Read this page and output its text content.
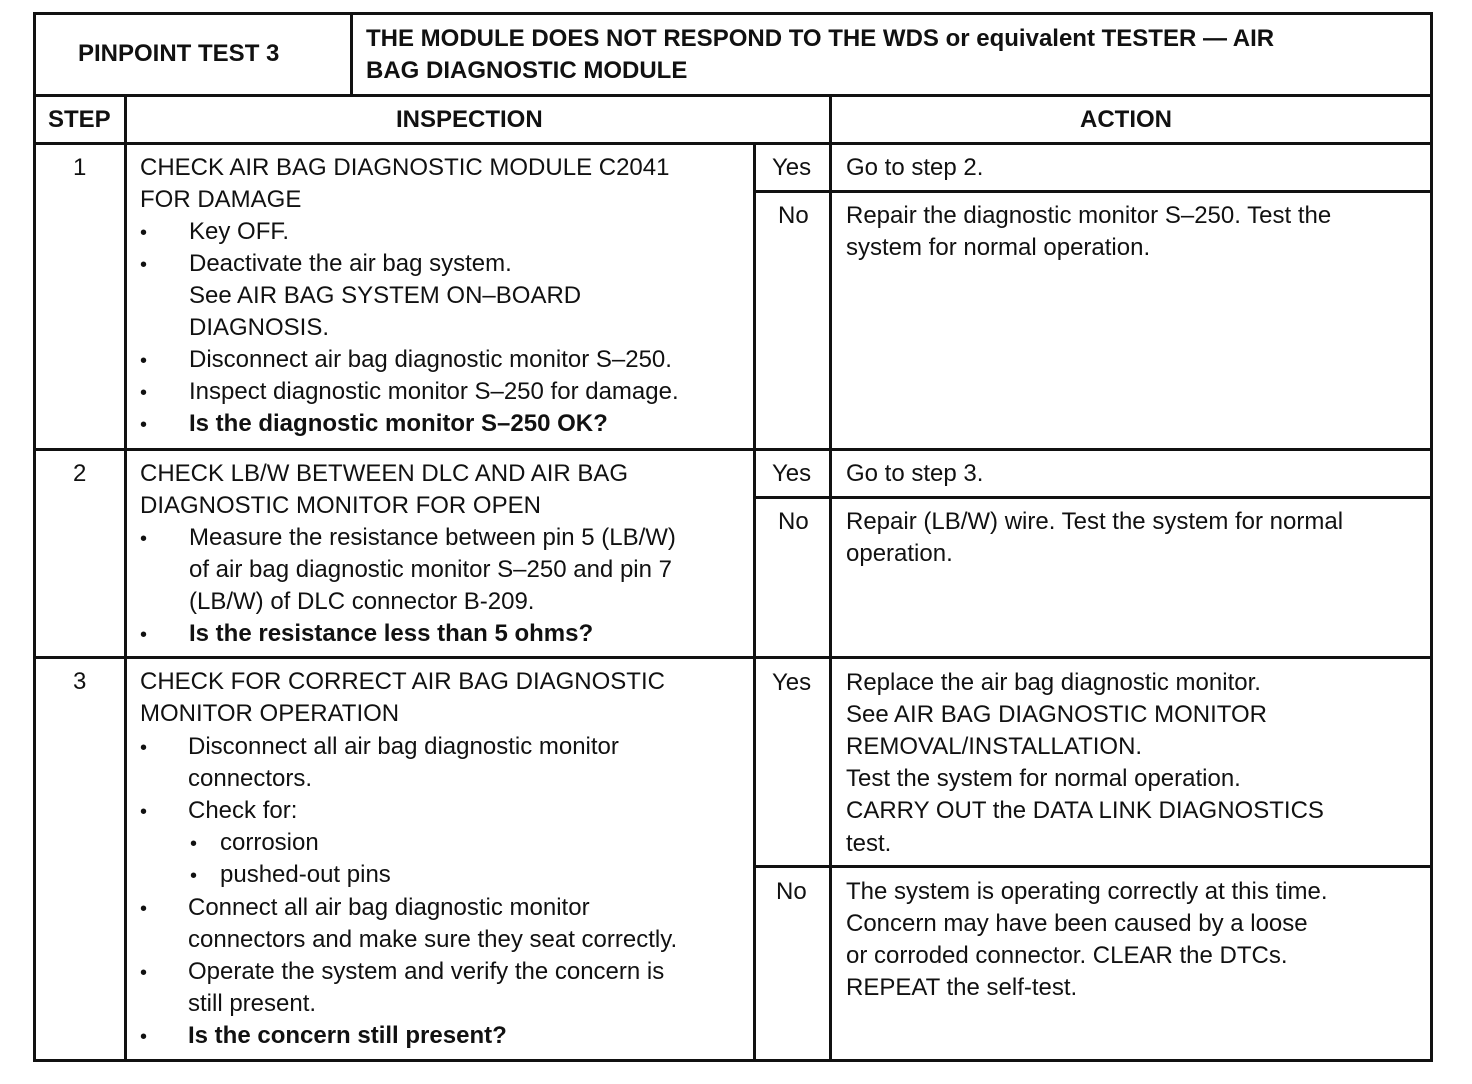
PINPOINT TEST 3
THE MODULE DOES NOT RESPOND TO THE WDS or equivalent TESTER — AIR
BAG DIAGNOSTIC MODULE
STEP	INSPECTION	ACTION
1 CHECK AIR BAG DIAGNOSTIC MODULE C2041
FOR DAMAGE
• Key OFF.
• Deactivate the air bag system.
See AIR BAG SYSTEM ON–BOARD
DIAGNOSIS.
• Disconnect air bag diagnostic monitor S–250.
• Inspect diagnostic monitor S–250 for damage.
• Is the diagnostic monitor S–250 OK?
Yes Go to step 2.
No Repair the diagnostic monitor S–250. Test the
system for normal operation.
2 CHECK LB/W BETWEEN DLC AND AIR BAG
DIAGNOSTIC MONITOR FOR OPEN
• Measure the resistance between pin 5 (LB/W)
of air bag diagnostic monitor S–250 and pin 7
(LB/W) of DLC connector B-209.
• Is the resistance less than 5 ohms?
Yes Go to step 3.
No Repair (LB/W) wire. Test the system for normal
operation.
3 CHECK FOR CORRECT AIR BAG DIAGNOSTIC
MONITOR OPERATION
• Disconnect all air bag diagnostic monitor
connectors.
• Check for:
• corrosion
• pushed-out pins
• Connect all air bag diagnostic monitor
connectors and make sure they seat correctly.
• Operate the system and verify the concern is
still present.
• Is the concern still present?
Yes Replace the air bag diagnostic monitor.
See AIR BAG DIAGNOSTIC MONITOR
REMOVAL/INSTALLATION.
Test the system for normal operation.
CARRY OUT the DATA LINK DIAGNOSTICS
test.
No The system is operating correctly at this time.
Concern may have been caused by a loose
or corroded connector. CLEAR the DTCs.
REPEAT the self-test.
